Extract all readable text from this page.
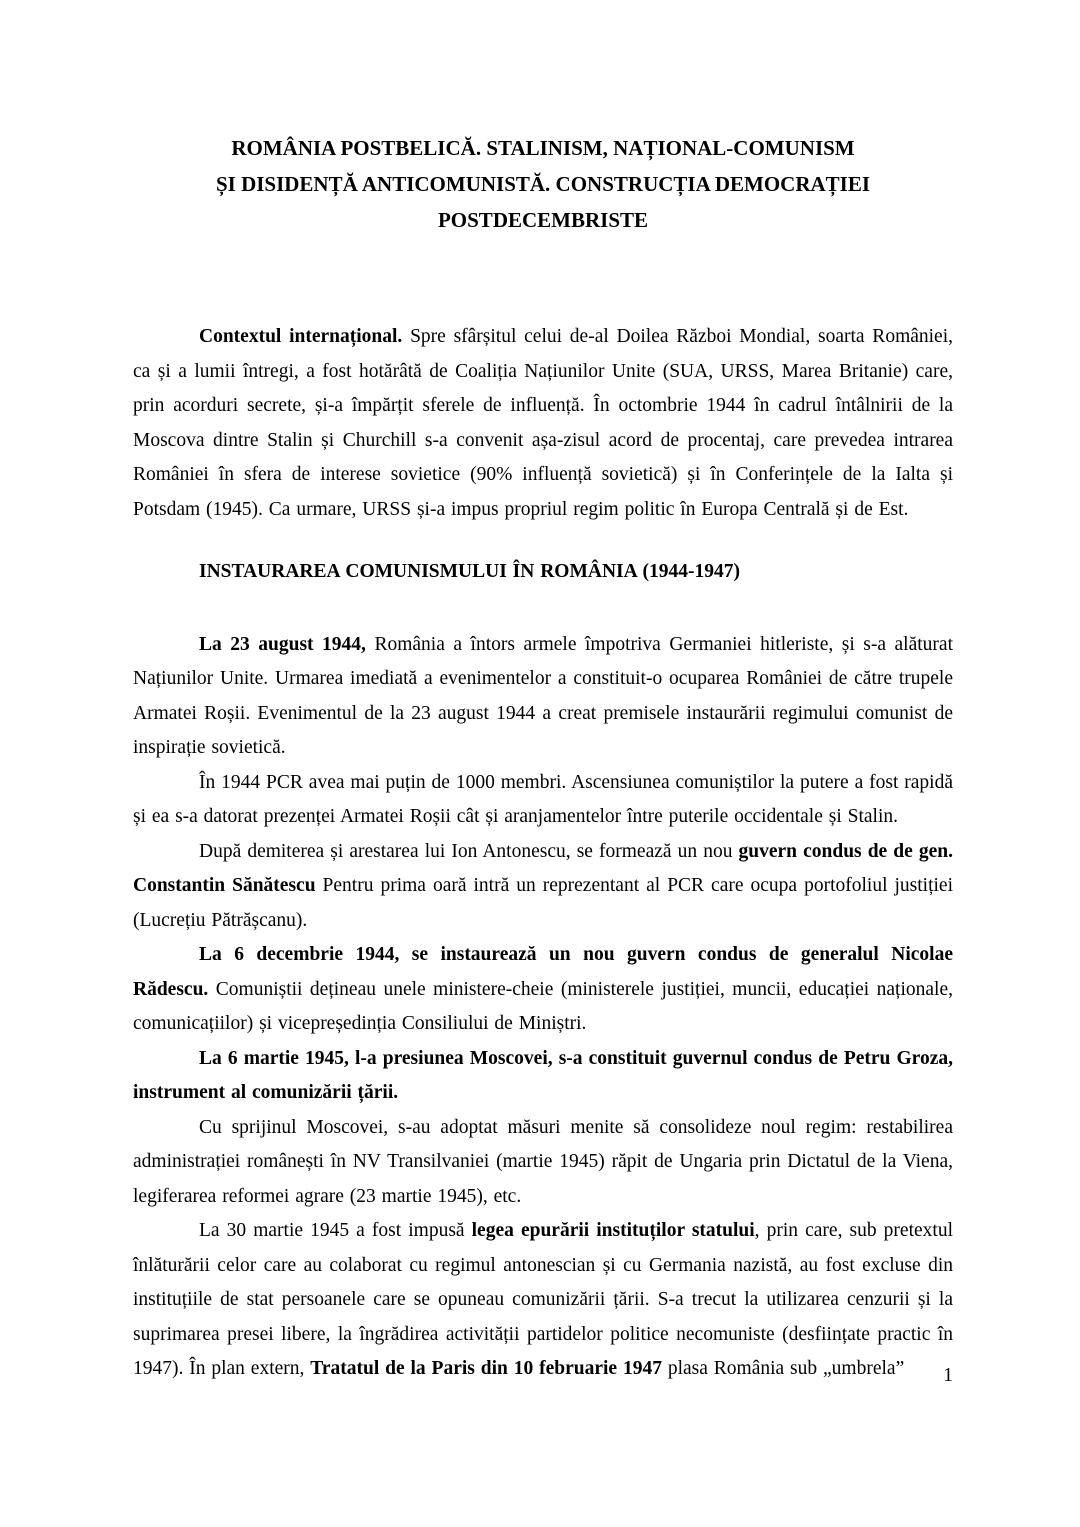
ROMÂNIA POSTBELICĂ. STALINISM, NAȚIONAL-COMUNISM

ȘI DISIDENȚĂ ANTICOMUNISTĂ. CONSTRUCȚIA DEMOCRAȚIEI

POSTDECEMBRISTE

Contextul internațional. Spre sfârșitul celui de-al Doilea Război Mondial, soarta României, ca și a lumii întregi, a fost hotărâtă de Coaliția Națiunilor Unite (SUA, URSS, Marea Britanie) care, prin acorduri secrete, și-a împărțit sferele de influență. În octombrie 1944 în cadrul întâlnirii de la Moscova dintre Stalin și Churchill s-a convenit așa-zisul acord de procentaj, care prevedea intrarea României în sfera de interese sovietice (90% influență sovietică) și în Conferințele de la Ialta și Potsdam (1945). Ca urmare, URSS și-a impus propriul regim politic în Europa Centrală și de Est.

INSTAURAREA COMUNISMULUI ÎN ROMÂNIA (1944-1947)

La 23 august 1944, România a întors armele împotriva Germaniei hitleriste, și s-a alăturat Națiunilor Unite. Urmarea imediată a evenimentelor a constituit-o ocuparea României de către trupele Armatei Roșii. Evenimentul de la 23 august 1944 a creat premisele instaurării regimului comunist de inspirație sovietică.

În 1944 PCR avea mai puțin de 1000 membri. Ascensiunea comuniștilor la putere a fost rapidă și ea s-a datorat prezenței Armatei Roșii cât și aranjamentelor între puterile occidentale și Stalin.

După demiterea și arestarea lui Ion Antonescu, se formează un nou guvern condus de de gen. Constantin Sănătescu Pentru prima oară intră un reprezentant al PCR care ocupa portofoliul justiției (Lucrețiu Pătrășcanu).

La 6 decembrie 1944, se instaurează un nou guvern condus de generalul Nicolae Rădescu. Comuniștii dețineau unele ministere-cheie (ministerele justiției, muncii, educației naționale, comunicațiilor) și vicepreședinția Consiliului de Miniștri.

La 6 martie 1945, l-a presiunea Moscovei, s-a constituit guvernul condus de Petru Groza, instrument al comunizării țării.

Cu sprijinul Moscovei, s-au adoptat măsuri menite să consolideze noul regim: restabilirea administrației românești în NV Transilvaniei (martie 1945) răpit de Ungaria prin Dictatul de la Viena, legiferarea reformei agrare (23 martie 1945), etc.

La 30 martie 1945 a fost impusă legea epurării instituților statului, prin care, sub pretextul înlăturării celor care au colaborat cu regimul antonescian și cu Germania nazistă, au fost excluse din instituțiile de stat persoanele care se opuneau comunizării țării. S-a trecut la utilizarea cenzurii și la suprimarea presei libere, la îngrădirea activității partidelor politice necomuniste (desființate practic în 1947). În plan extern, Tratatul de la Paris din 10 februarie 1947 plasa România sub „umbrela”	1
